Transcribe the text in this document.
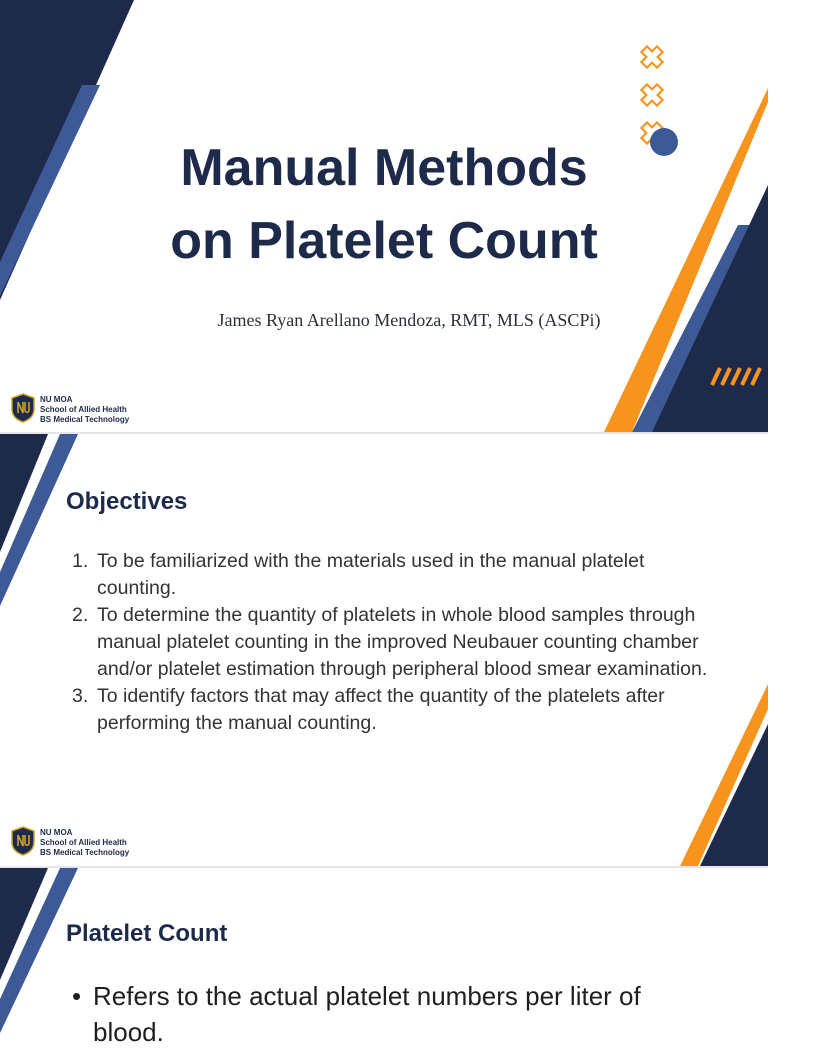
Manual Methods
on Platelet Count
James Ryan Arellano Mendoza, RMT, MLS (ASCPi)
NU MOA
School of Allied Health
BS Medical Technology
Objectives
1. To be familiarized with the materials used in the manual platelet counting.
2. To determine the quantity of platelets in whole blood samples through manual platelet counting in the improved Neubauer counting chamber and/or platelet estimation through peripheral blood smear examination.
3. To identify factors that may affect the quantity of the platelets after performing the manual counting.
NU MOA
School of Allied Health
BS Medical Technology
Platelet Count
• Refers to the actual platelet numbers per liter of blood.
